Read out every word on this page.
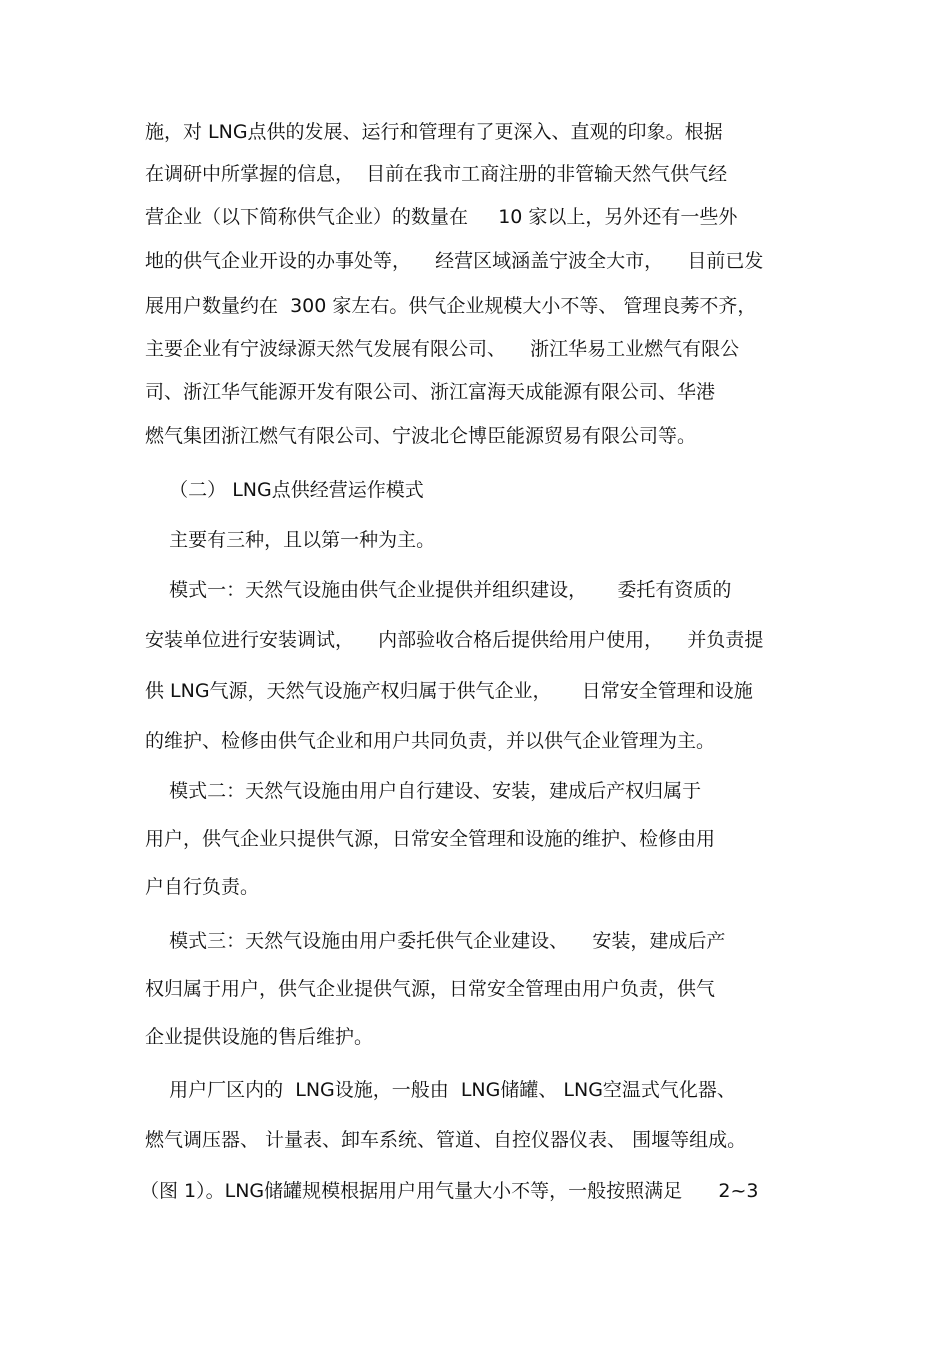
施，对 LNG点供的发展、运行和管理有了更深入、直观的印象。根据
在调研中所掌握的信息，  目前在我市工商注册的非管输天然气供气经
营企业（以下简称供气企业）的数量在     10 家以上，另外还有一些外
地的供气企业开设的办事处等，    经营区域涵盖宁波全大市，    目前已发
展用户数量约在  300 家左右。供气企业规模大小不等、 管理良莠不齐，
主要企业有宁波绿源天然气发展有限公司、    浙江华易工业燃气有限公
司、浙江华气能源开发有限公司、浙江富海天成能源有限公司、华港
燃气集团浙江燃气有限公司、宁波北仑博臣能源贸易有限公司等。
（二） LNG点供经营运作模式
主要有三种，且以第一种为主。
模式一：天然气设施由供气企业提供并组织建设，     委托有资质的
安装单位进行安装调试，    内部验收合格后提供给用户使用，    并负责提
供 LNG气源，天然气设施产权归属于供气企业，     日常安全管理和设施
的维护、检修由供气企业和用户共同负责，并以供气企业管理为主。
模式二：天然气设施由用户自行建设、安装，建成后产权归属于
用户，供气企业只提供气源，日常安全管理和设施的维护、检修由用
户自行负责。
模式三：天然气设施由用户委托供气企业建设、    安装，建成后产
权归属于用户，供气企业提供气源，日常安全管理由用户负责，供气
企业提供设施的售后维护。
用户厂区内的  LNG设施，一般由  LNG储罐、 LNG空温式气化器、
燃气调压器、 计量表、卸车系统、管道、自控仪器仪表、 围堰等组成。
（图 1）。LNG储罐规模根据用户用气量大小不等，一般按照满足      2~3
